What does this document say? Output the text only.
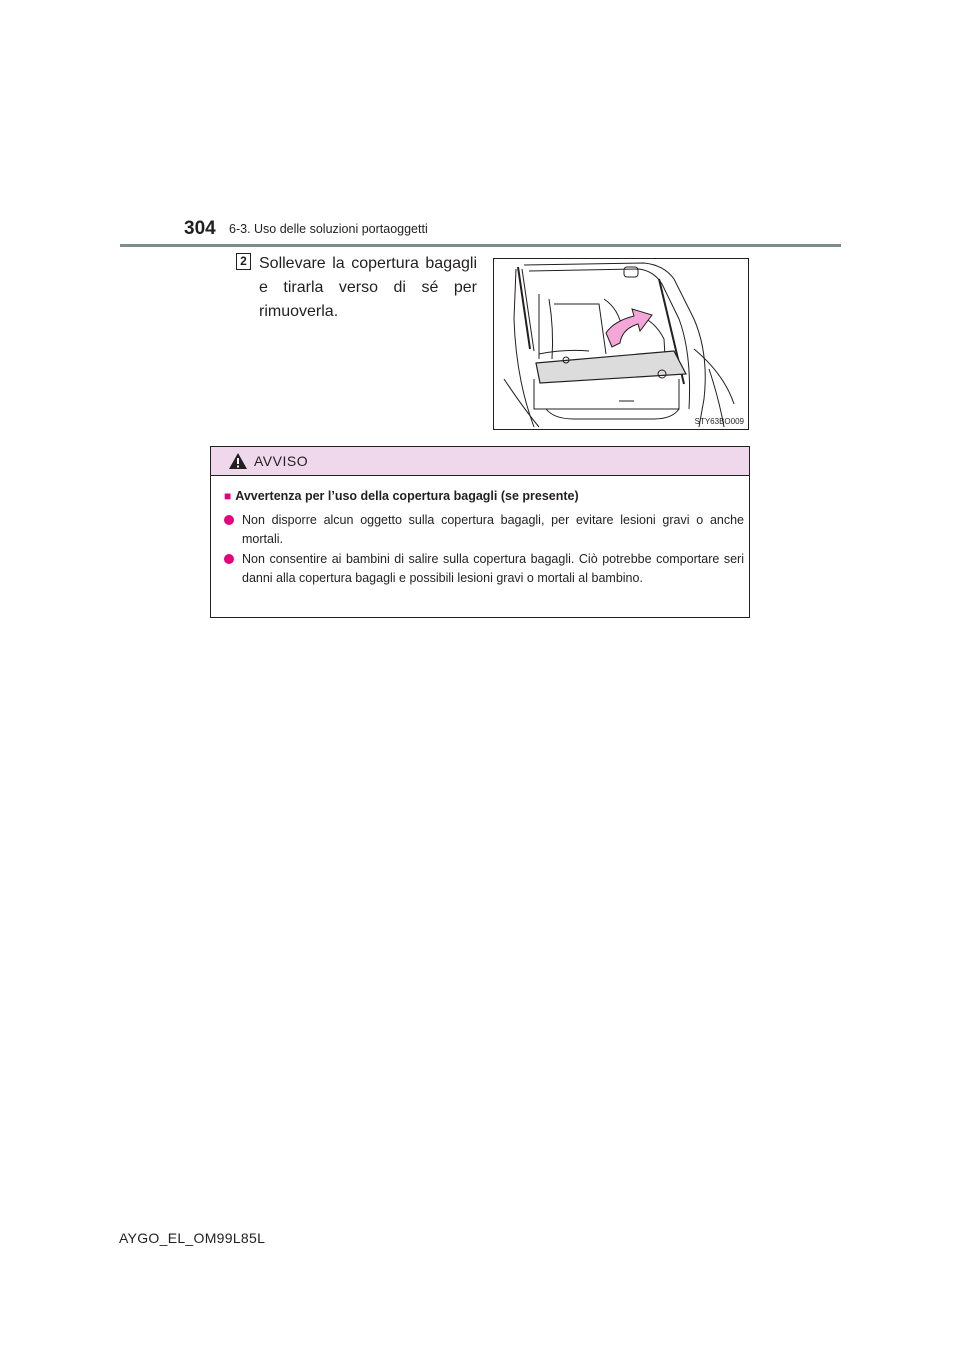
304 6-3. Uso delle soluzioni portaoggetti
2 Sollevare la copertura bagagli e tirarla verso di sé per rimuoverla.
STY63BO009
AVVISO
■ Avvertenza per l’uso della copertura bagagli (se presente)
Non disporre alcun oggetto sulla copertura bagagli, per evitare lesioni gravi o anche mortali.
Non consentire ai bambini di salire sulla copertura bagagli. Ciò potrebbe comportare seri danni alla copertura bagagli e possibili lesioni gravi o mortali al bambino.
AYGO_EL_OM99L85L
